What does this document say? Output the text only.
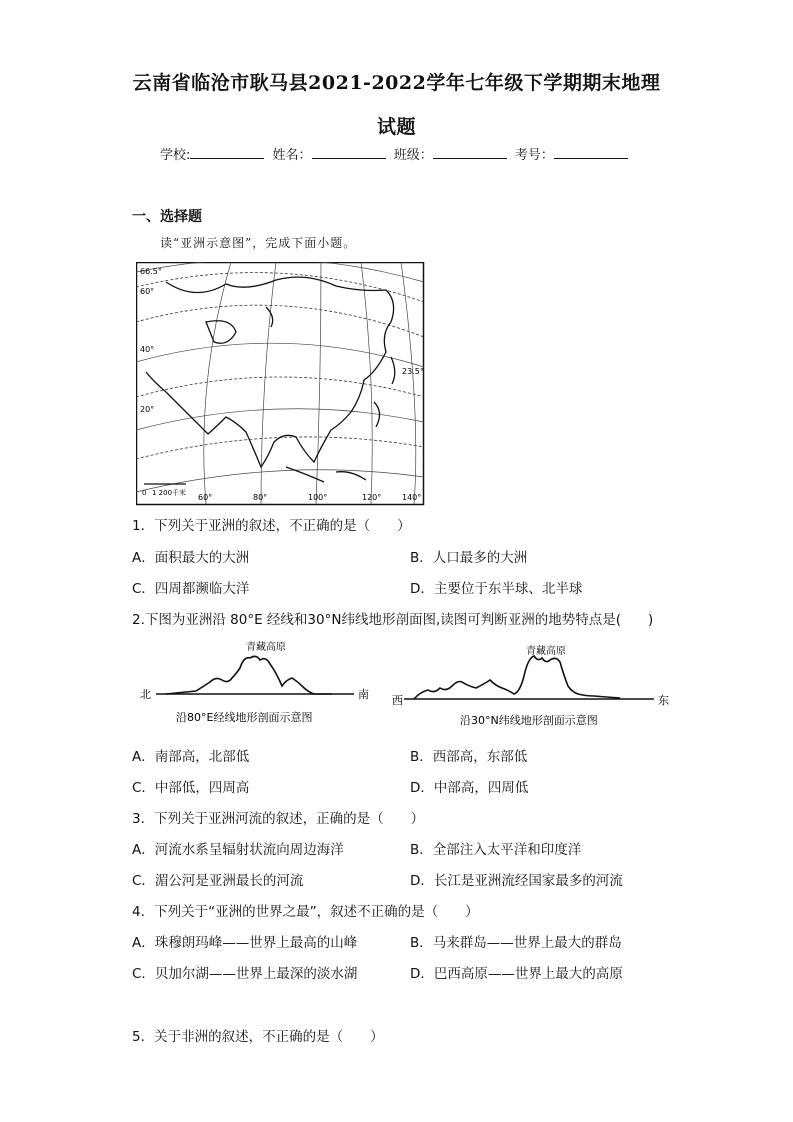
云南省临沧市耿马县2021-2022学年七年级下学期期末地理
试题
学校:	姓名：	班级：	考号：
一、选择题
读“亚洲示意图”，完成下面小题。
66.5°
60°
40°
20°
23.5°
60°	80°	100°	120°	140°
0 1 200千米
1．下列关于亚洲的叙述，不正确的是（　　）
A．面积最大的大洲	B．人口最多的大洲
C．四周都濒临大洋	D．主要位于东半球、北半球
2.下图为亚洲沿 80°E 经线和30°N纬线地形剖面图,读图可判断亚洲的地势特点是(　　)
青藏高原
北	南
沿80°E经线地形剖面示意图
青藏高原
西	东
沿30°N纬线地形剖面示意图
A．南部高，北部低	B．西部高，东部低
C．中部低，四周高	D．中部高，四周低
3．下列关于亚洲河流的叙述，正确的是（　　）
A．河流水系呈辐射状流向周边海洋	B．全部注入太平洋和印度洋
C．湄公河是亚洲最长的河流	D．长江是亚洲流经国家最多的河流
4．下列关于“亚洲的世界之最”，叙述不正确的是（　　）
A．珠穆朗玛峰——世界上最高的山峰	B．马来群岛——世界上最大的群岛
C．贝加尔湖——世界上最深的淡水湖	D．巴西高原——世界上最大的高原
5．关于非洲的叙述，不正确的是（　　）
